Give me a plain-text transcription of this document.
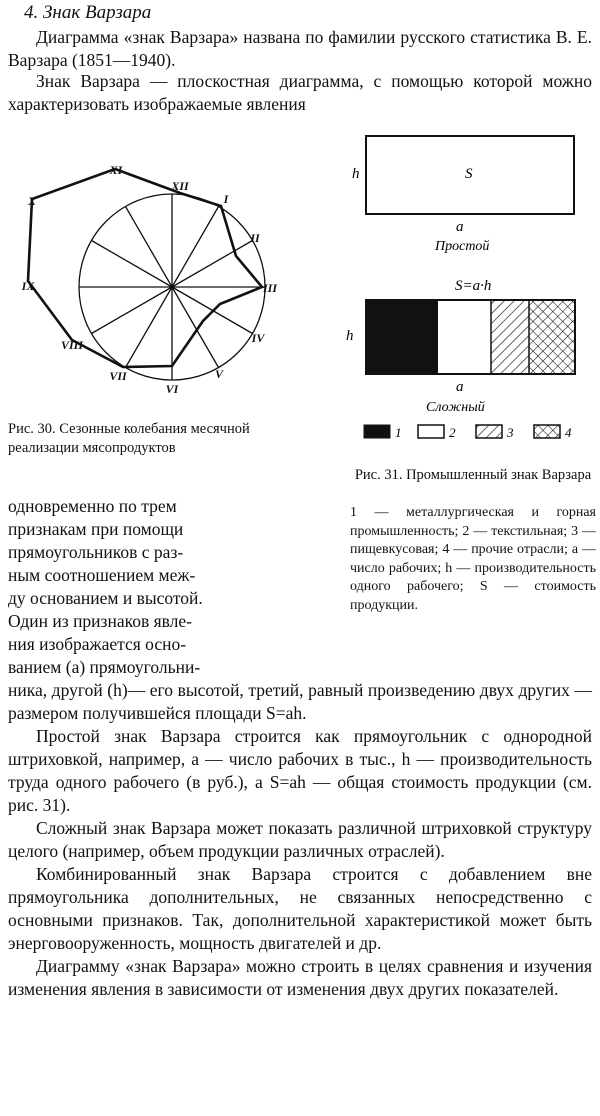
4. Знак Варзара
Диаграмма «знак Варзара» названа по фамилии русского статистика В. Е. Варзара (1851—1940).
Знак Варзара — плоскостная диаграмма, с помощью которой можно характеризовать изображаемые явления
I
II
III
IV
V
VI
VII
VIII
IX
X
XI
XII
Рис. 30. Сезонные колебания месячной реализации мясопродуктов
h	S
a
Простой
S=a·h
h
a
Сложный
1	2	3	4
Рис. 31. Промышленный знак Варзара
1 — металлургическая и горная промышленность; 2 — текстильная; 3 — пищевкусовая; 4 — прочие отрасли; a — число рабочих; h — производительность одного рабочего; S — стоимость продукции.
одновременно по трем
признакам при помощи
прямоугольников с раз-
ным соотношением меж-
ду основанием и высотой.
Один из признаков явле-
ния изображается осно-
ванием (a) прямоугольни-

ника, другой (h)— его высотой, третий, равный произведению двух других — размером получившейся площади S=ah.

Простой знак Варзара строится как прямоугольник с однородной штриховкой, например, a — число рабочих в тыс., h — производительность труда одного рабочего (в руб.), а S=ah — общая стоимость продукции (см. рис. 31).

Сложный знак Варзара может показать различной штриховкой структуру целого (например, объем продукции различных отраслей).

Комбинированный знак Варзара строится с добавлением вне прямоугольника дополнительных, не связанных непосредственно с основными признаков. Так, дополнительной характеристикой может быть энерговооруженность, мощность двигателей и др.

Диаграмму «знак Варзара» можно строить в целях сравнения и изучения изменения явления в зависимости от изменения двух других показателей.
